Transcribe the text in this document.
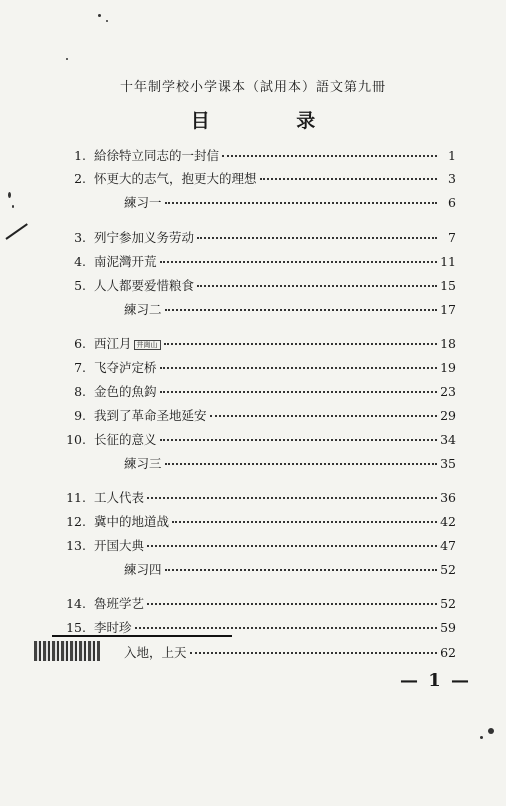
十年制学校小学课本（試用本）語文第九冊
目 录
1. 給徐特立同志的一封信	1
2. 怀更大的志气，抱更大的理想	3
練习一	6
3. 列宁参加义务劳动	7
4. 南泥灣开荒	11
5. 人人都要爱惜粮食	15
練习二	17
6. 西江月 井崗山	18
7. 飞夺泸定桥	19
8. 金色的魚鈎	23
9. 我到了革命圣地延安	29
10. 长征的意义	34
練习三	35
11. 工人代表	36
12. 冀中的地道战	42
13. 开国大典	47
練习四	52
14. 魯班学艺	52
15. 李时珍	59
入地，上天	62
— 1 —
